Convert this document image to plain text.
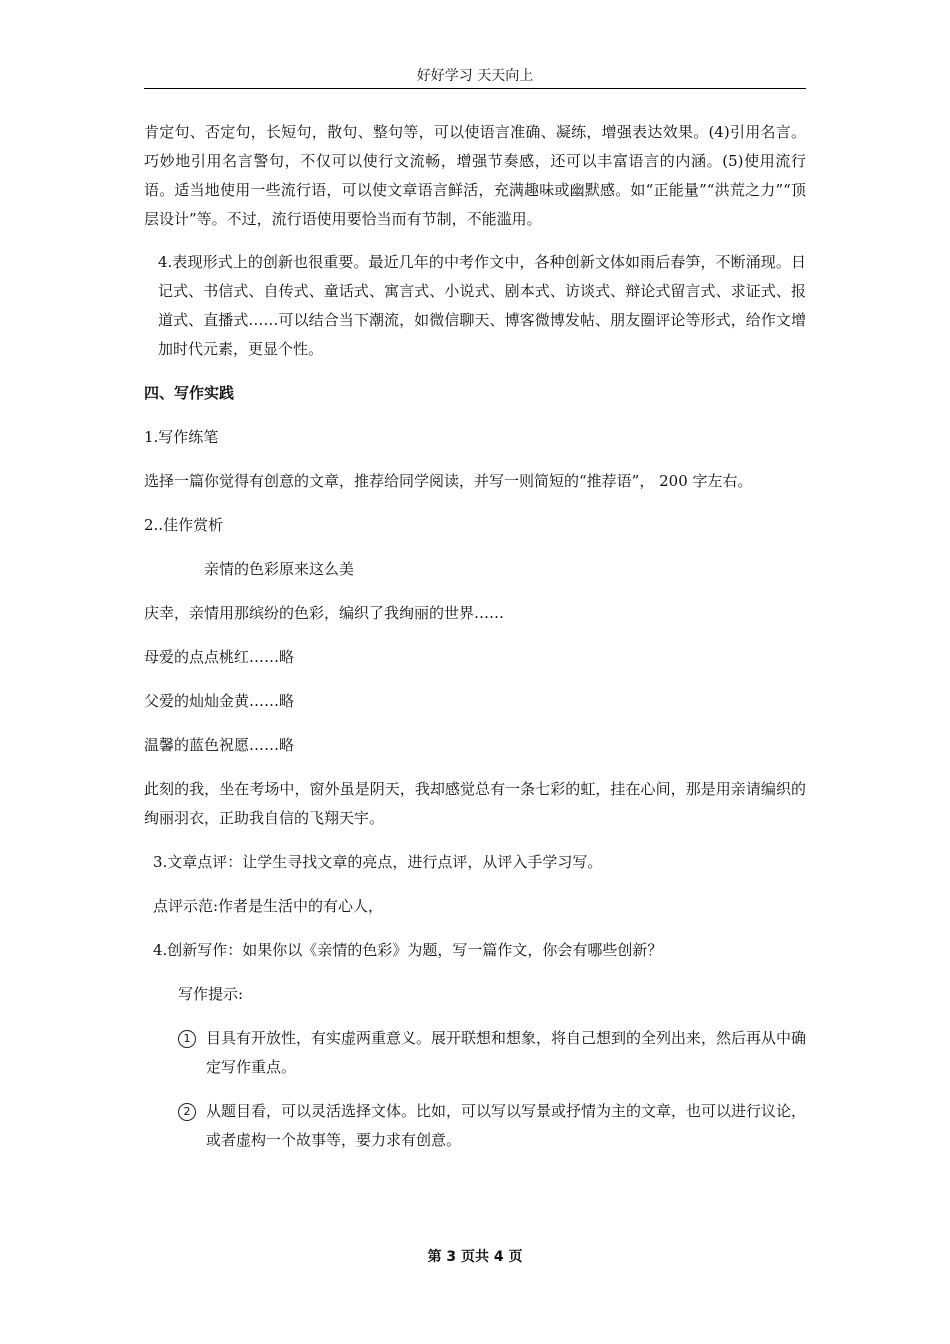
好好学习 天天向上

肯定句、否定句，长短句，散句、整句等，可以使语言准确、凝练，增强表达效果。(4)引用名言。巧妙地引用名言警句，不仅可以使行文流畅，增强节奏感，还可以丰富语言的内涵。(5)使用流行语。适当地使用一些流行语，可以使文章语言鲜活，充满趣味或幽默感。如“正能量”“洪荒之力”“顶层设计”等。不过，流行语使用要恰当而有节制，不能滥用。

4.表现形式上的创新也很重要。最近几年的中考作文中，各种创新文体如雨后春笋，不断涌现。日记式、书信式、自传式、童话式、寓言式、小说式、剧本式、访谈式、辩论式留言式、求证式、报道式、直播式……可以结合当下潮流，如微信聊天、博客微博发帖、朋友圈评论等形式，给作文增加时代元素，更显个性。

四、写作实践

1.写作练笔

选择一篇你觉得有创意的文章，推荐给同学阅读，并写一则简短的“推荐语”， 200 字左右。

2..佳作赏析

亲情的色彩原来这么美

庆幸，亲情用那缤纷的色彩，编织了我绚丽的世界……

母爱的点点桃红……略

父爱的灿灿金黄……略

温馨的蓝色祝愿……略

此刻的我，坐在考场中，窗外虽是阴天，我却感觉总有一条七彩的虹，挂在心间，那是用亲请编织的绚丽羽衣，正助我自信的飞翔天宇。

3.文章点评：让学生寻找文章的亮点，进行点评，从评入手学习写。

点评示范:作者是生活中的有心人，

4.创新写作：如果你以《亲情的色彩》为题，写一篇作文，你会有哪些创新？

写作提示:

1	目具有开放性，有实虚两重意义。展开联想和想象，将自己想到的全列出来，然后再从中确定写作重点。

2	从题目看，可以灵活选择文体。比如，可以写以写景或抒情为主的文章，也可以进行议论，或者虚构一个故事等，要力求有创意。

第 3 页共 4 页
